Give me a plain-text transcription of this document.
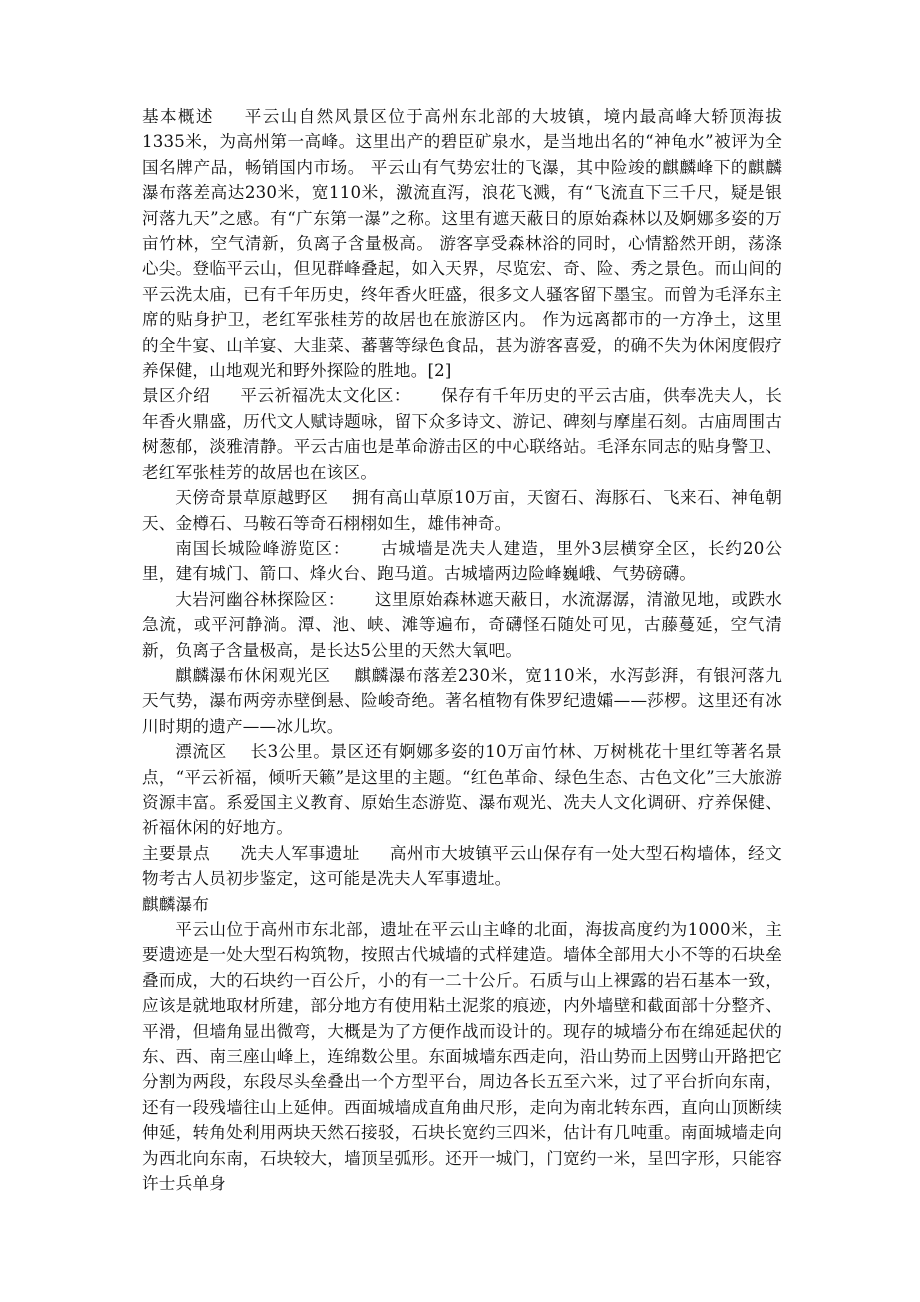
基本概述 平云山自然风景区位于高州东北部的大坡镇，境内最高峰大轿顶海拔1335米，为高州第一高峰。这里出产的碧臣矿泉水，是当地出名的“神龟水”被评为全国名牌产品，畅销国内市场。 平云山有气势宏壮的飞瀑，其中险竣的麒麟峰下的麒麟瀑布落差高达230米，宽110米，激流直泻，浪花飞溅，有“飞流直下三千尺，疑是银河落九天”之感。有“广东第一瀑”之称。这里有遮天蔽日的原始森林以及婀娜多姿的万亩竹林，空气清新，负离子含量极高。 游客享受森林浴的同时，心情豁然开朗，荡涤心尖。登临平云山，但见群峰叠起，如入天界，尽览宏、奇、险、秀之景色。而山间的平云洗太庙，已有千年历史，终年香火旺盛，很多文人骚客留下墨宝。而曾为毛泽东主席的贴身护卫，老红军张桂芳的故居也在旅游区内。 作为远离都市的一方净土，这里的全牛宴、山羊宴、大韭菜、蕃薯等绿色食品，甚为游客喜爱，的确不失为休闲度假疗养保健，山地观光和野外探险的胜地。[2]

景区介绍 平云祈福冼太文化区： 保存有千年历史的平云古庙，供奉冼夫人，长年香火鼎盛，历代文人赋诗题咏，留下众多诗文、游记、碑刻与摩崖石刻。古庙周围古树葱郁，淡雅清静。平云古庙也是革命游击区的中心联络站。毛泽东同志的贴身警卫、老红军张桂芳的故居也在该区。

天傍奇景草原越野区 拥有高山草原10万亩，天窗石、海豚石、飞来石、神龟朝天、金樽石、马鞍石等奇石栩栩如生，雄伟神奇。

南国长城险峰游览区： 古城墙是冼夫人建造，里外3层横穿全区，长约20公里，建有城门、箭口、烽火台、跑马道。古城墙两边险峰巍峨、气势磅礴。

大岩河幽谷林探险区： 这里原始森林遮天蔽日，水流潺潺，清澈见地，或跌水急流，或平河静淌。潭、池、峡、滩等遍布，奇礴怪石随处可见，古藤蔓延，空气清新，负离子含量极高，是长达5公里的天然大氧吧。

麒麟瀑布休闲观光区 麒麟瀑布落差230米，宽110米，水泻彭湃，有银河落九天气势，瀑布两旁赤壁倒悬、险峻奇绝。著名植物有侏罗纪遗孀——莎椤。这里还有冰川时期的遗产——冰儿坎。

漂流区 长3公里。景区还有婀娜多姿的10万亩竹林、万树桃花十里红等著名景点，“平云祈福，倾听天籁”是这里的主题。“红色革命、绿色生态、古色文化”三大旅游资源丰富。系爱国主义教育、原始生态游览、瀑布观光、冼夫人文化调研、疗养保健、祈福休闲的好地方。

主要景点 冼夫人军事遗址 高州市大坡镇平云山保存有一处大型石构墙体，经文物考古人员初步鉴定，这可能是冼夫人军事遗址。

麒麟瀑布

平云山位于高州市东北部，遗址在平云山主峰的北面，海拔高度约为1000米，主要遗迹是一处大型石构筑物，按照古代城墙的式样建造。墙体全部用大小不等的石块垒叠而成，大的石块约一百公斤，小的有一二十公斤。石质与山上裸露的岩石基本一致，应该是就地取材所建，部分地方有使用粘土泥浆的痕迹，内外墙壁和截面部十分整齐、平滑，但墙角显出微弯，大概是为了方便作战而设计的。现存的城墙分布在绵延起伏的东、西、南三座山峰上，连绵数公里。东面城墙东西走向，沿山势而上因劈山开路把它分割为两段，东段尽头垒叠出一个方型平台，周边各长五至六米，过了平台折向东南，还有一段残墙往山上延伸。西面城墙成直角曲尺形，走向为南北转东西，直向山顶断续伸延，转角处利用两块天然石接驳，石块长宽约三四米，估计有几吨重。南面城墙走向为西北向东南，石块较大，墙顶呈弧形。还开一城门，门宽约一米，呈凹字形，只能容许士兵单身
